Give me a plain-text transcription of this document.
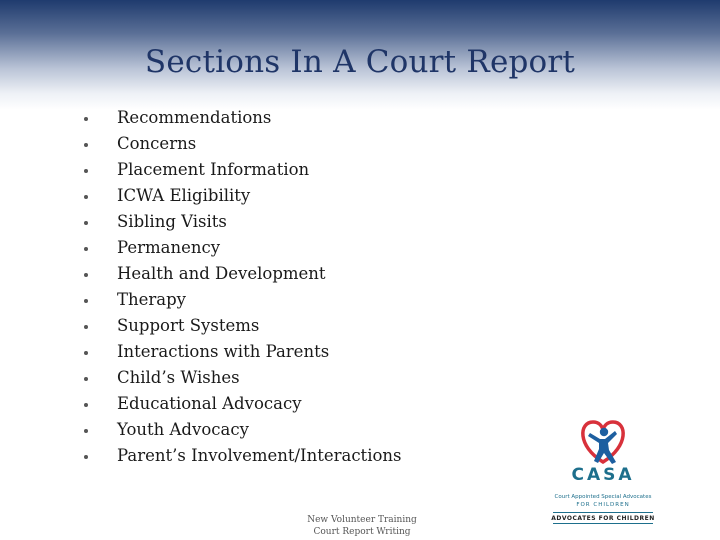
Sections In A Court Report
Recommendations
Concerns
Placement Information
ICWA Eligibility
Sibling Visits
Permanency
Health and Development
Therapy
Support Systems
Interactions with Parents
Child’s Wishes
Educational Advocacy
Youth Advocacy
Parent’s Involvement/Interactions
New Volunteer Training
Court Report Writing
CASA
Court Appointed Special Advocates
FOR CHILDREN
ADVOCATES FOR CHILDREN
